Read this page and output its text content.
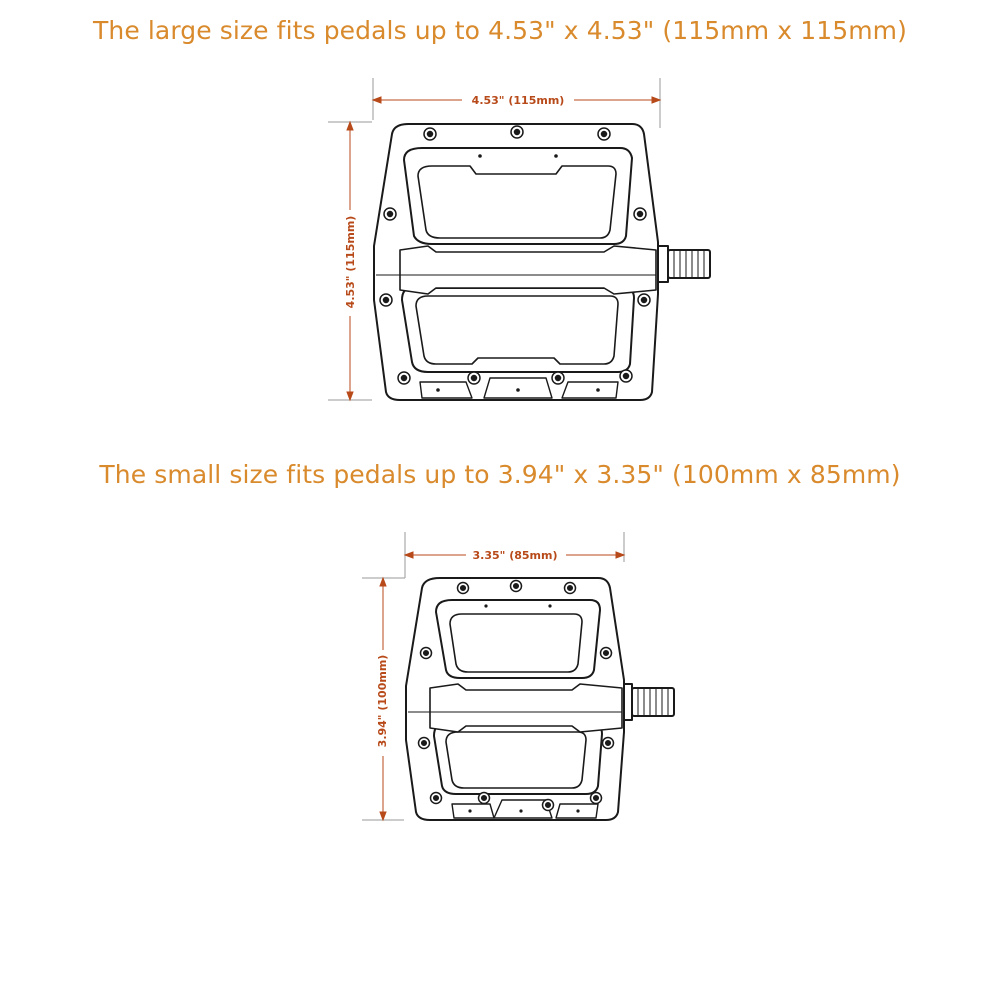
The large size fits pedals up to 4.53" x 4.53" (115mm x 115mm)
4.53" (115mm)
4.53" (115mm)
The small size fits pedals up to 3.94" x 3.35" (100mm x 85mm)
3.35" (85mm)
3.94" (100mm)
